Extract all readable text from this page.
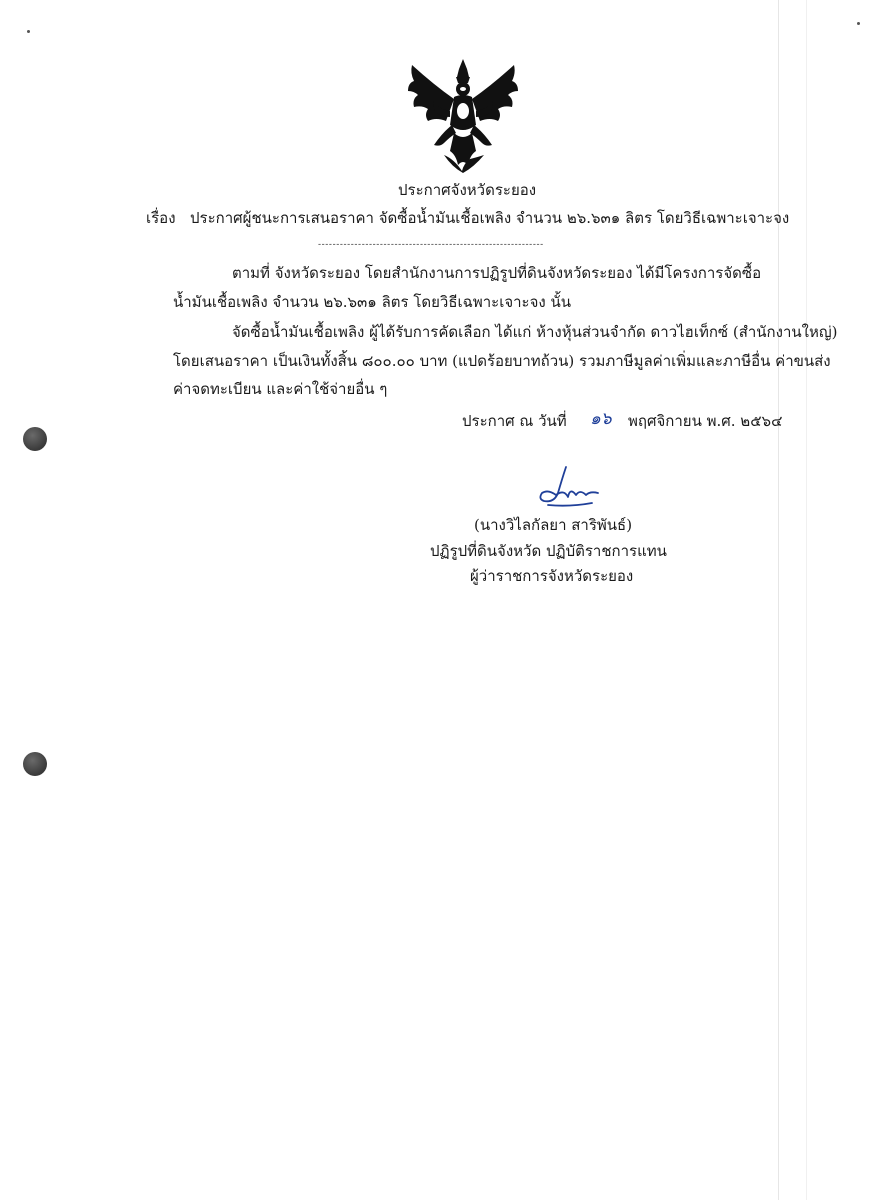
ประกาศจังหวัดระยอง
เรื่อง ประกาศผู้ชนะการเสนอราคา จัดซื้อน้ำมันเชื้อเพลิง จำนวน ๒๖.๖๓๑ ลิตร โดยวิธีเฉพาะเจาะจง
--------------------------------------------------------------
ตามที่ จังหวัดระยอง โดยสำนักงานการปฏิรูปที่ดินจังหวัดระยอง ได้มีโครงการจัดซื้อ
น้ำมันเชื้อเพลิง จำนวน ๒๖.๖๓๑ ลิตร โดยวิธีเฉพาะเจาะจง นั้น
จัดซื้อน้ำมันเชื้อเพลิง ผู้ได้รับการคัดเลือก ได้แก่ ห้างหุ้นส่วนจำกัด ดาวไฮเท็กซ์ (สำนักงานใหญ่)
โดยเสนอราคา เป็นเงินทั้งสิ้น ๘๐๐.๐๐ บาท (แปดร้อยบาทถ้วน) รวมภาษีมูลค่าเพิ่มและภาษีอื่น ค่าขนส่ง
ค่าจดทะเบียน และค่าใช้จ่ายอื่น ๆ
ประกาศ ณ วันที่ ๑๖ พฤศจิกายน พ.ศ. ๒๕๖๔
(นางวิไลกัลยา สาริพันธ์)
ปฏิรูปที่ดินจังหวัด ปฏิบัติราชการแทน
ผู้ว่าราชการจังหวัดระยอง
